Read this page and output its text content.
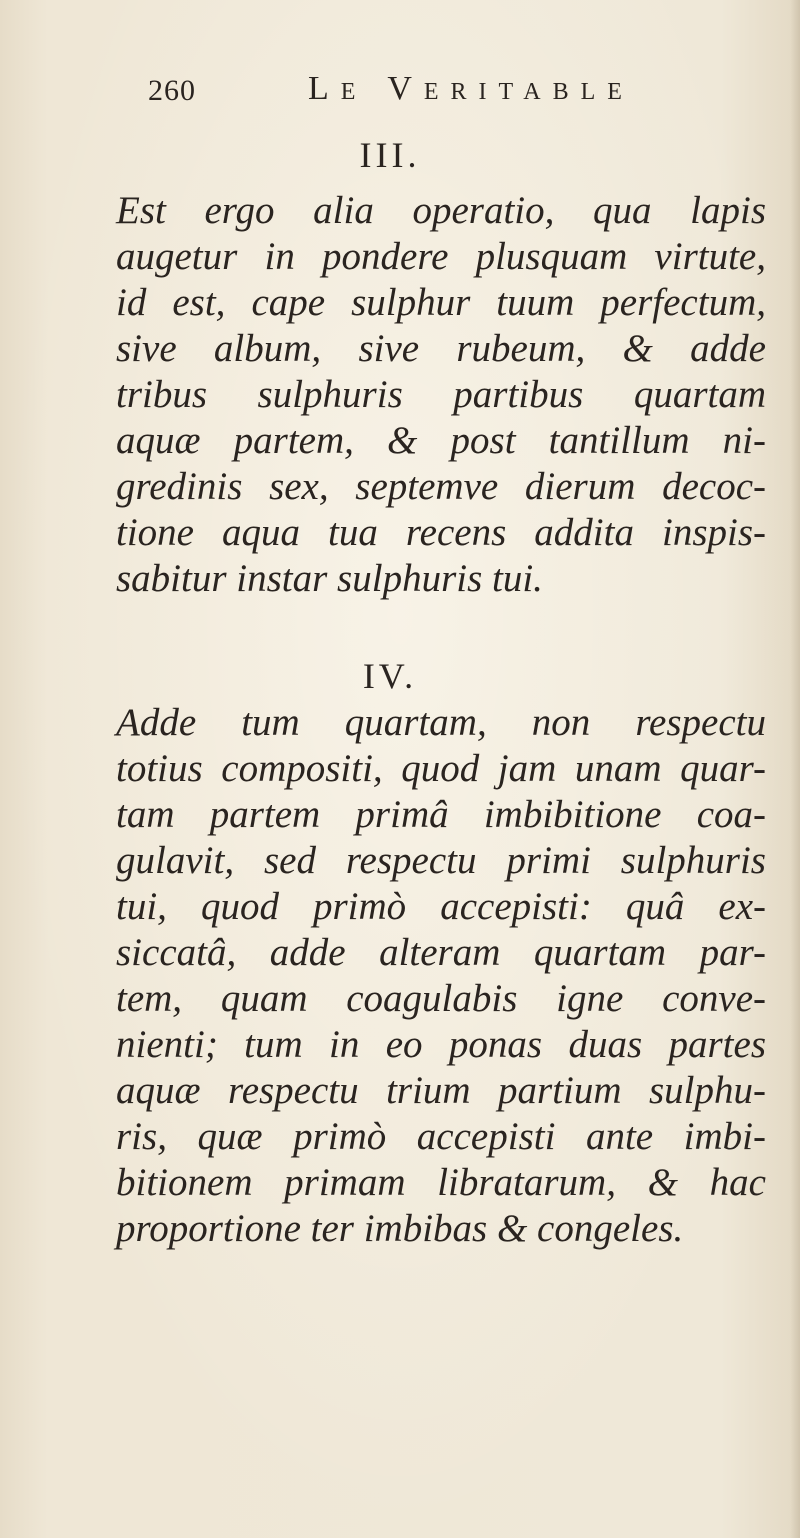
260	Le Veritable
III.
Est ergo alia operatio, qua lapis
augetur in pondere plusquam virtute,
id est, cape sulphur tuum perfectum,
sive album, sive rubeum, & adde
tribus sulphuris partibus quartam
aquæ partem, & post tantillum ni-
gredinis sex, septemve dierum decoc-
tione aqua tua recens addita inspis-
sabitur instar sulphuris tui.
IV.
Adde tum quartam, non respectu
totius compositi, quod jam unam quar-
tam partem primâ imbibitione coa-
gulavit, sed respectu primi sulphuris
tui, quod primò accepisti: quâ ex-
siccatâ, adde alteram quartam par-
tem, quam coagulabis igne conve-
nienti; tum in eo ponas duas partes
aquæ respectu trium partium sulphu-
ris, quæ primò accepisti ante imbi-
bitionem primam libratarum, & hac
proportione ter imbibas & congeles.
